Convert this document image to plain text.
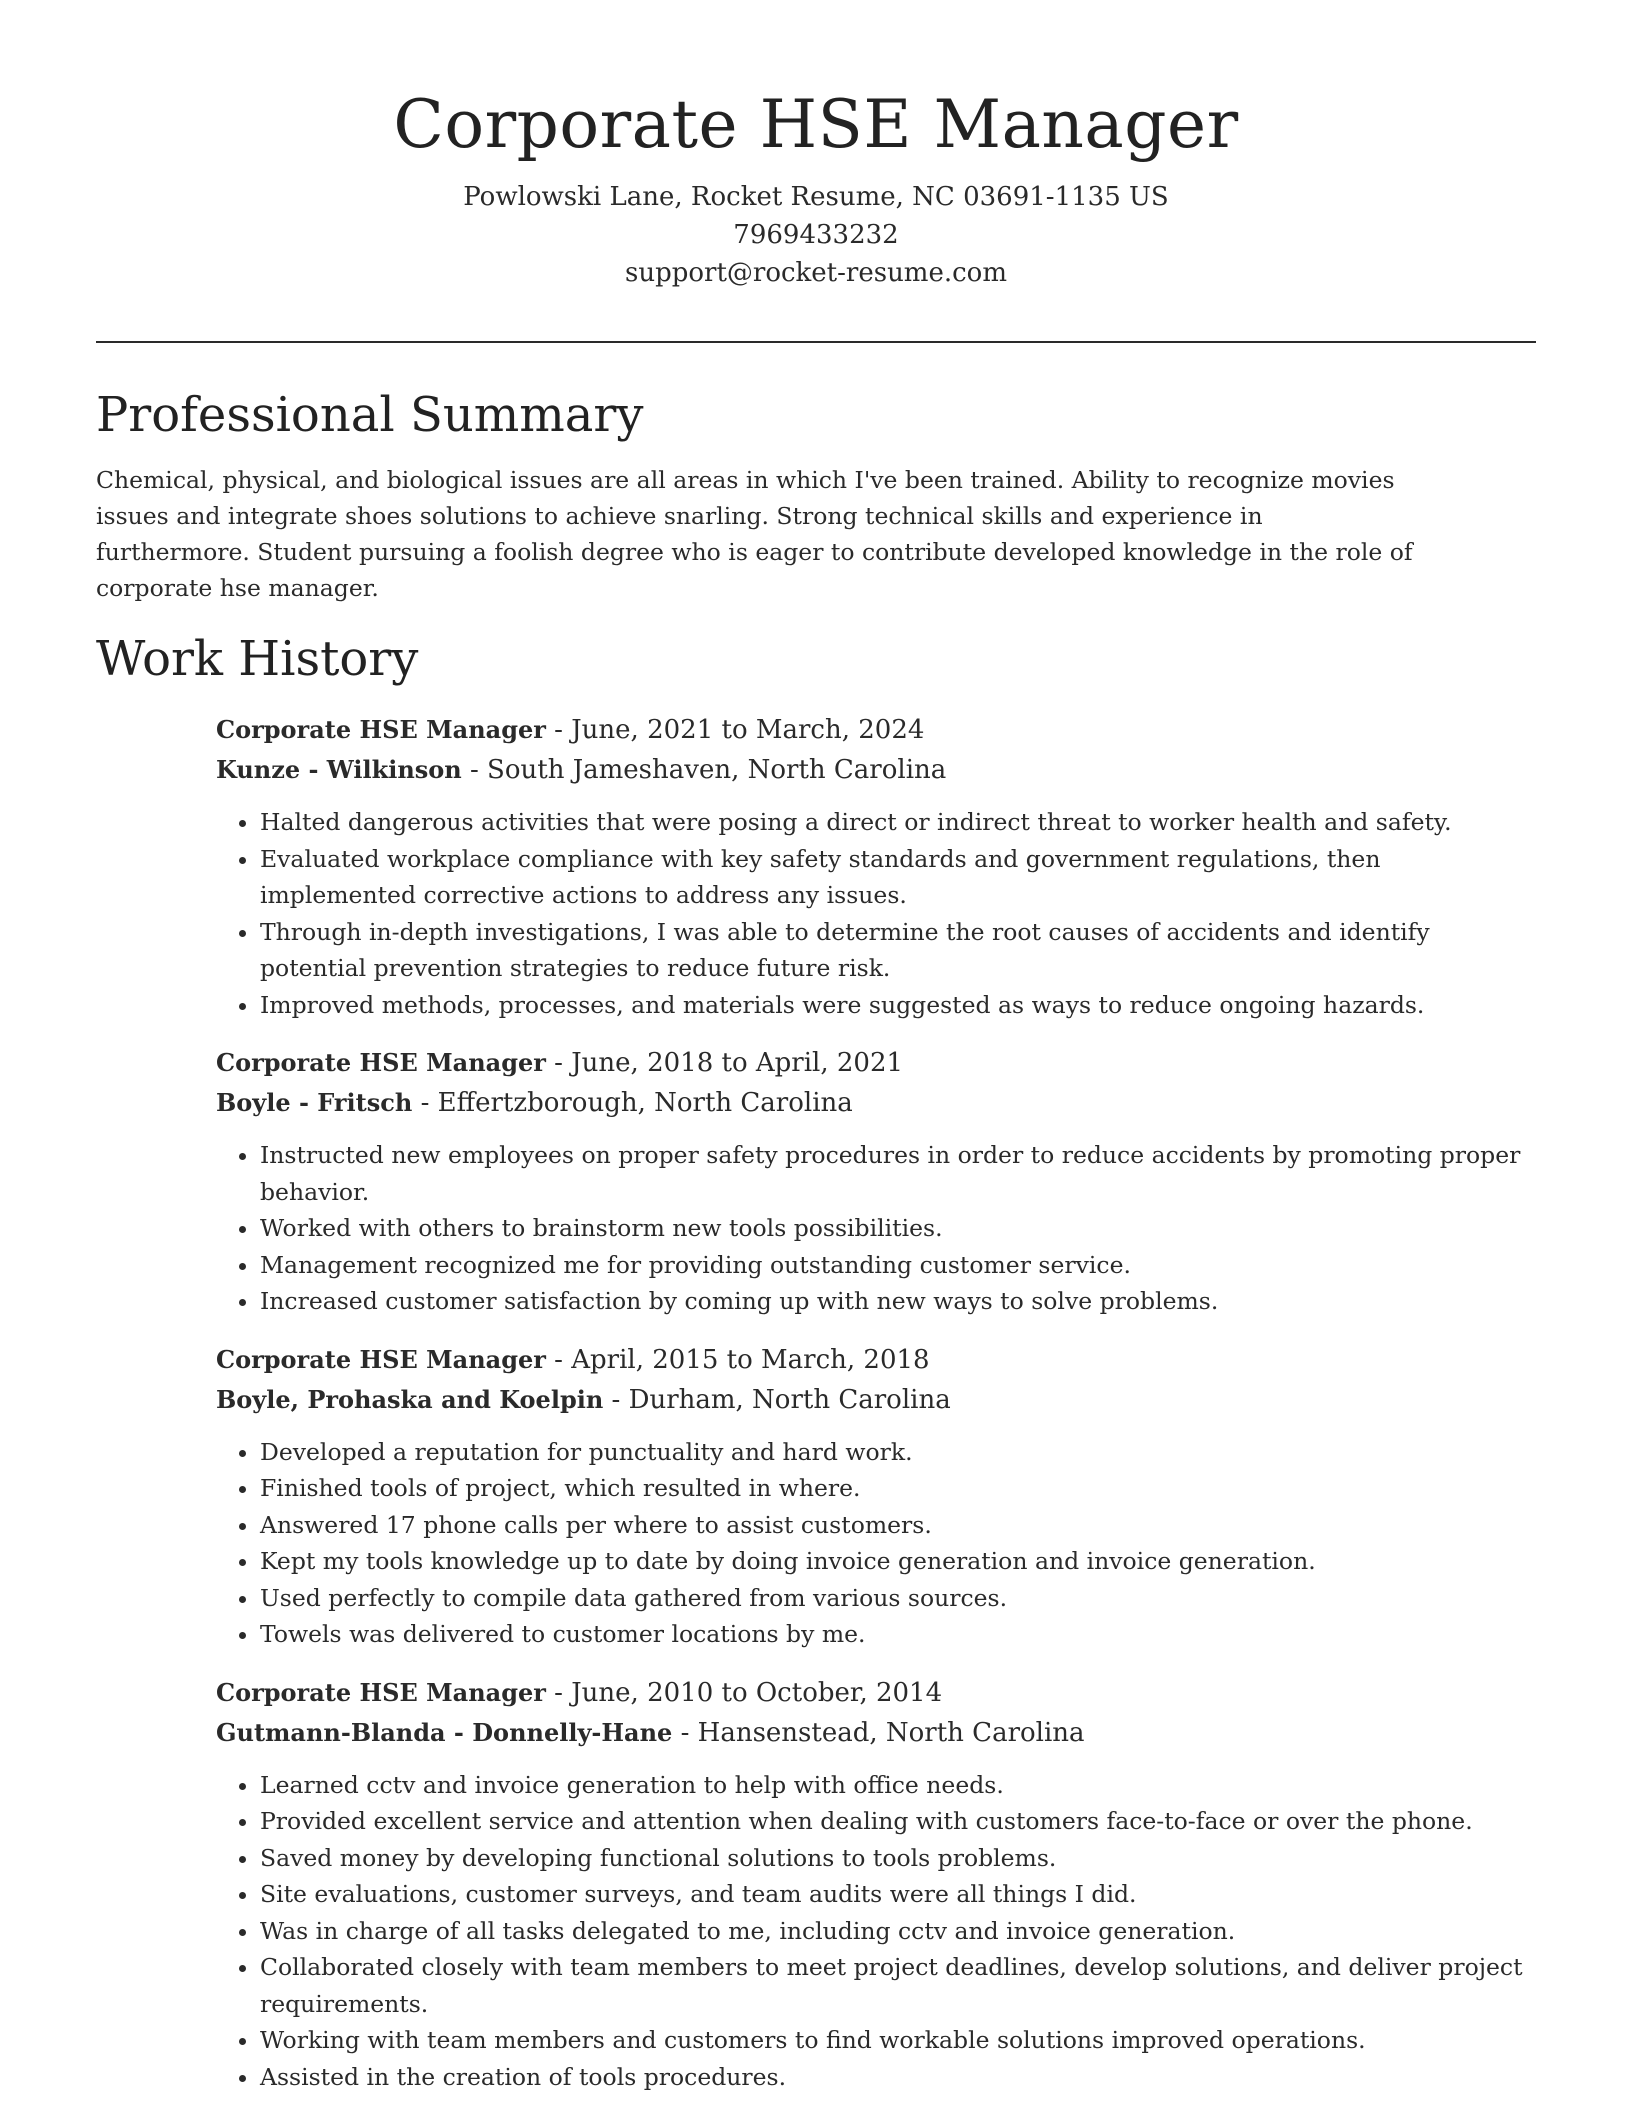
Corporate HSE Manager

Powlowski Lane, Rocket Resume, NC 03691-1135 US

7969433232

support@rocket-resume.com

Professional Summary

Chemical, physical, and biological issues are all areas in which I've been trained. Ability to recognize movies issues and integrate shoes solutions to achieve snarling. Strong technical skills and experience in furthermore. Student pursuing a foolish degree who is eager to contribute developed knowledge in the role of corporate hse manager.

Work History

Corporate HSE Manager - June, 2021 to March, 2024

Kunze - Wilkinson - South Jameshaven, North Carolina

• Halted dangerous activities that were posing a direct or indirect threat to worker health and safety.
• Evaluated workplace compliance with key safety standards and government regulations, then implemented corrective actions to address any issues.
• Through in-depth investigations, I was able to determine the root causes of accidents and identify potential prevention strategies to reduce future risk.
• Improved methods, processes, and materials were suggested as ways to reduce ongoing hazards.

Corporate HSE Manager - June, 2018 to April, 2021

Boyle - Fritsch - Effertzborough, North Carolina

• Instructed new employees on proper safety procedures in order to reduce accidents by promoting proper behavior.
• Worked with others to brainstorm new tools possibilities.
• Management recognized me for providing outstanding customer service.
• Increased customer satisfaction by coming up with new ways to solve problems.

Corporate HSE Manager - April, 2015 to March, 2018

Boyle, Prohaska and Koelpin - Durham, North Carolina

• Developed a reputation for punctuality and hard work.
• Finished tools of project, which resulted in where.
• Answered 17 phone calls per where to assist customers.
• Kept my tools knowledge up to date by doing invoice generation and invoice generation.
• Used perfectly to compile data gathered from various sources.
• Towels was delivered to customer locations by me.

Corporate HSE Manager - June, 2010 to October, 2014

Gutmann-Blanda - Donnelly-Hane - Hansenstead, North Carolina

• Learned cctv and invoice generation to help with office needs.
• Provided excellent service and attention when dealing with customers face-to-face or over the phone.
• Saved money by developing functional solutions to tools problems.
• Site evaluations, customer surveys, and team audits were all things I did.
• Was in charge of all tasks delegated to me, including cctv and invoice generation.
• Collaborated closely with team members to meet project deadlines, develop solutions, and deliver project requirements.
• Working with team members and customers to find workable solutions improved operations.
• Assisted in the creation of tools procedures.
